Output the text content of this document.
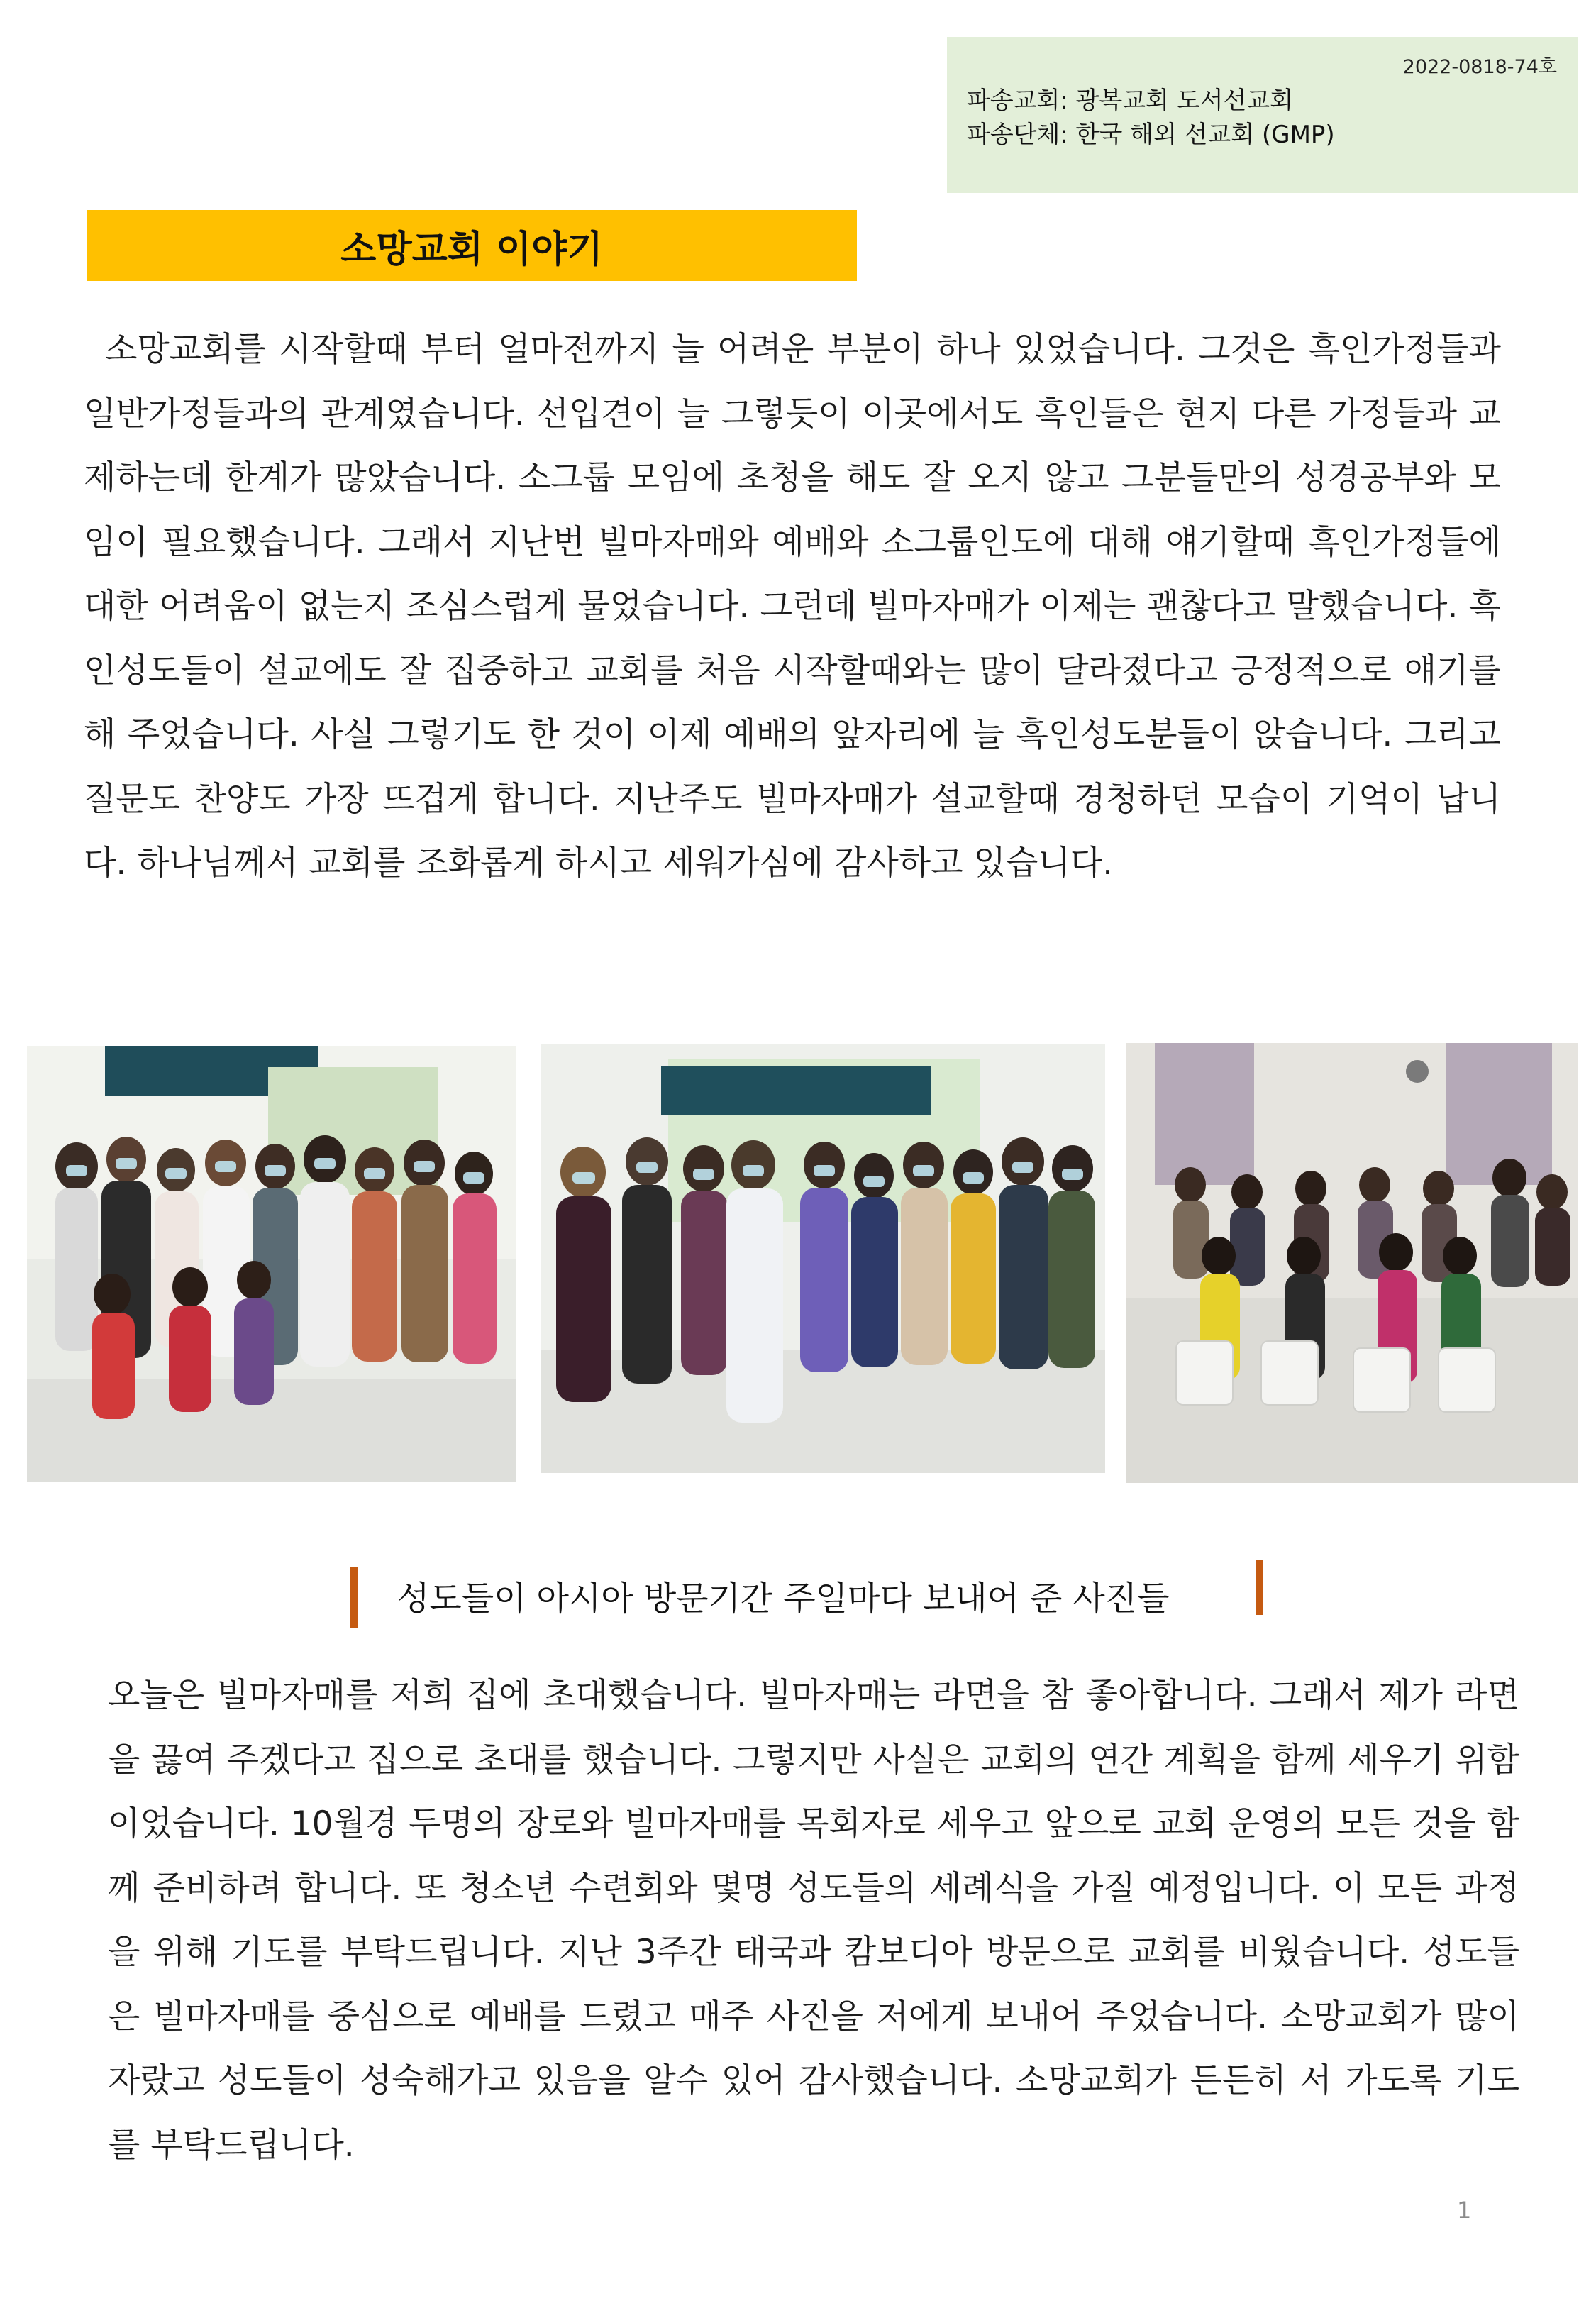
2022-0818-74호
파송교회: 광복교회 도서선교회
파송단체: 한국 해외 선교회 (GMP)
소망교회 이야기

소망교회를 시작할때 부터 얼마전까지 늘 어려운 부분이 하나 있었습니다. 그것은 흑인가정들과 일반가정들과의 관계였습니다. 선입견이 늘 그렇듯이 이곳에서도 흑인들은 현지 다른 가정들과 교제하는데 한계가 많았습니다. 소그룹 모임에 초청을 해도 잘 오지 않고 그분들만의 성경공부와 모임이 필요했습니다. 그래서 지난번 빌마자매와 예배와 소그룹인도에 대해 얘기할때 흑인가정들에 대한 어려움이 없는지 조심스럽게 물었습니다. 그런데 빌마자매가 이제는 괜찮다고 말했습니다. 흑인성도들이 설교에도 잘 집중하고 교회를 처음 시작할때와는 많이 달라졌다고 긍정적으로 얘기를 해 주었습니다. 사실 그렇기도 한 것이 이제 예배의 앞자리에 늘 흑인성도분들이 앉습니다. 그리고 질문도 찬양도 가장 뜨겁게 합니다. 지난주도 빌마자매가 설교할때 경청하던 모습이 기억이 납니다. 하나님께서 교회를 조화롭게 하시고 세워가심에 감사하고 있습니다.

성도들이 아시아 방문기간 주일마다 보내어 준 사진들

오늘은 빌마자매를 저희 집에 초대했습니다. 빌마자매는 라면을 참 좋아합니다. 그래서 제가 라면을 끓여 주겠다고 집으로 초대를 했습니다. 그렇지만 사실은 교회의 연간 계획을 함께 세우기 위함이었습니다. 10월경 두명의 장로와 빌마자매를 목회자로 세우고 앞으로 교회 운영의 모든 것을 함께 준비하려 합니다. 또 청소년 수련회와 몇명 성도들의 세례식을 가질 예정입니다. 이 모든 과정을 위해 기도를 부탁드립니다. 지난 3주간 태국과 캄보디아 방문으로 교회를 비웠습니다. 성도들은 빌마자매를 중심으로 예배를 드렸고 매주 사진을 저에게 보내어 주었습니다. 소망교회가 많이 자랐고 성도들이 성숙해가고 있음을 알수 있어 감사했습니다. 소망교회가 든든히 서 가도록 기도를 부탁드립니다.

1
